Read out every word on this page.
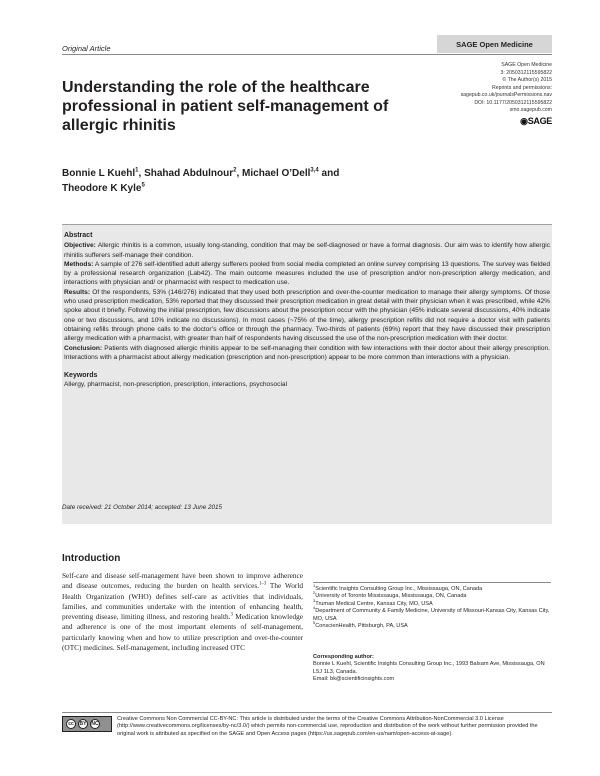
Original Article	SAGE Open Medicine
Understanding the role of the healthcare professional in patient self-management of allergic rhinitis
SAGE Open Medicine
3: 2050312115595822
© The Author(s) 2015
Reprints and permissions:
sagepub.co.uk/journalsPermissions.nav
DOI: 10.1177/2050312115595822
smo.sagepub.com
◉SAGE
Bonnie L Kuehl$^1$, Shahad Abdulnour$^2$, Michael O’Dell$^{3,4}$ and
Theodore K Kyle$^5$
Abstract

Objective: Allergic rhinitis is a common, usually long-standing, condition that may be self-diagnosed or have a formal diagnosis. Our aim was to identify how allergic rhinitis sufferers self-manage their condition.

Methods: A sample of 276 self-identified adult allergy sufferers pooled from social media completed an online survey comprising 13 questions. The survey was fielded by a professional research organization (Lab42). The main outcome measures included the use of prescription and/or non-prescription allergy medication, and interactions with physician and/ or pharmacist with respect to medication use.

Results: Of the respondents, 53% (146/276) indicated that they used both prescription and over-the-counter medication to manage their allergy symptoms. Of those who used prescription medication, 53% reported that they discussed their prescription medication in great detail with their physician when it was prescribed, while 42% spoke about it briefly. Following the initial prescription, few discussions about the prescription occur with the physician (45% indicate several discussions, 40% indicate one or two discussions, and 10% indicate no discussions). In most cases (~75% of the time), allergy prescription refills did not require a doctor visit with patients obtaining refills through phone calls to the doctor’s office or through the pharmacy. Two-thirds of patients (69%) report that they have discussed their prescription allergy medication with a pharmacist, with greater than half of respondents having discussed the use of the non-prescription medication with their doctor.

Conclusion: Patients with diagnosed allergic rhinitis appear to be self-managing their condition with few interactions with their doctor about their allergy prescription. Interactions with a pharmacist about allergy medication (prescription and non-prescription) appear to be more common than interactions with a physician.

Keywords
Allergy, pharmacist, non-prescription, prescription, interactions, psychosocial
Date received: 21 October 2014; accepted: 13 June 2015
Introduction
Self-care and disease self-management have been shown to improve adherence and disease outcomes, reducing the burden on health services.$^{1-3}$ The World Health Organization (WHO) defines self-care as activities that individuals, families, and communities undertake with the intention of enhancing health, preventing disease, limiting illness, and restoring health.$^3$ Medication knowledge and adherence is one of the most important elements of self-management, particularly knowing when and how to utilize prescription and over-the-counter (OTC) medicines. Self-management, including increased OTC
$^1$Scientific Insights Consulting Group Inc., Mississauga, ON, Canada
$^2$University of Toronto Mississauga, Mississauga, ON, Canada
$^3$Truman Medical Centre, Kansas City, MO, USA
$^4$Department of Community & Family Medicine, University of Missouri-Kansas City, Kansas City, MO, USA
$^5$ConscienHealth, Pittsburgh, PA, USA
Corresponding author:
Bonnie L Kuehl, Scientific Insights Consulting Group Inc., 1993 Balsam Ave, Mississauga, ON L5J 1L3, Canada.
Email: bk@scientificinsights.com
cc	BY NC
Creative Commons Non Commercial CC-BY-NC: This article is distributed under the terms of the Creative Commons Attribution-NonCommercial 3.0 License (http://www.creativecommons.org/licenses/by-nc/3.0/) which permits non-commercial use, reproduction and distribution of the work without further permission provided the original work is attributed as specified on the SAGE and Open Access pages (https://us.sagepub.com/en-us/nam/open-access-at-sage).
